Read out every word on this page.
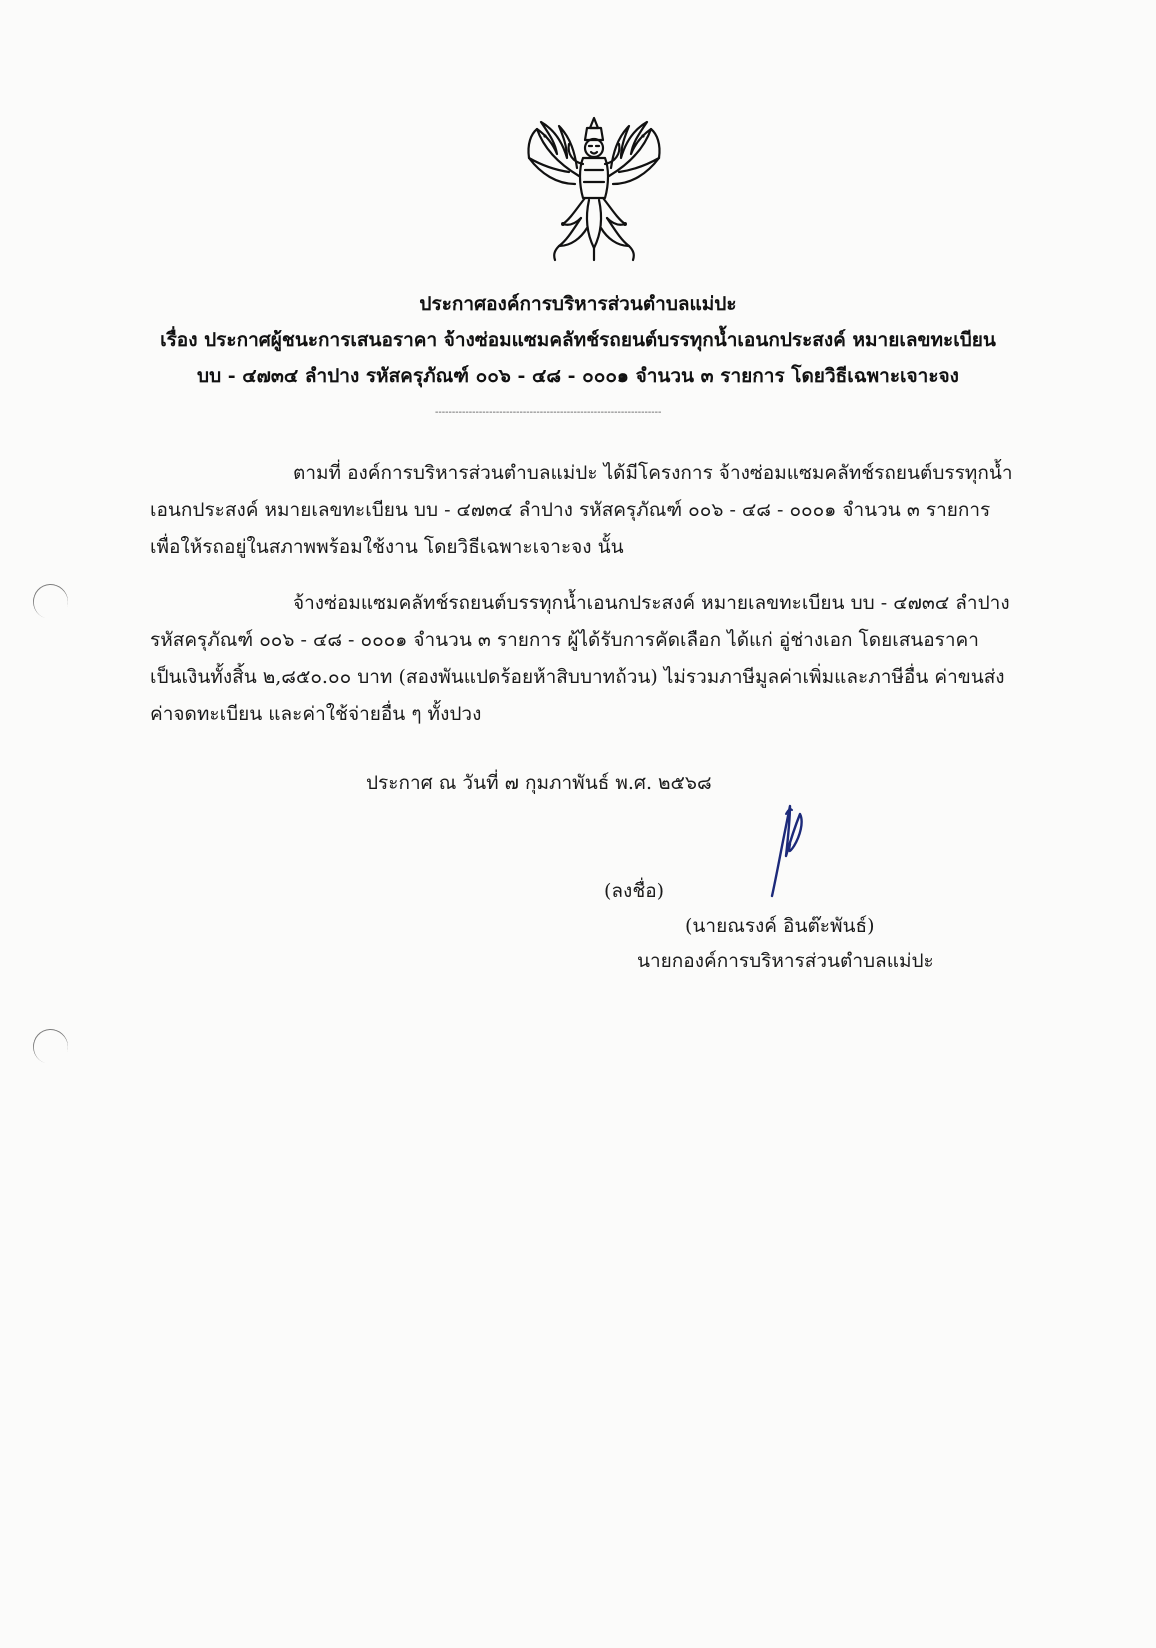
ประกาศองค์การบริหารส่วนตำบลแม่ปะ
เรื่อง ประกาศผู้ชนะการเสนอราคา จ้างซ่อมแซมคลัทช์รถยนต์บรรทุกน้ำเอนกประสงค์ หมายเลขทะเบียน
บบ - ๔๗๓๔ ลำปาง รหัสครุภัณฑ์ ๐๐๖ - ๔๘ - ๐๐๐๑ จำนวน ๓ รายการ โดยวิธีเฉพาะเจาะจง
-------------------------------------------------------------------
ตามที่ องค์การบริหารส่วนตำบลแม่ปะ ได้มีโครงการ จ้างซ่อมแซมคลัทช์รถยนต์บรรทุกน้ำ
เอนกประสงค์ หมายเลขทะเบียน บบ - ๔๗๓๔ ลำปาง รหัสครุภัณฑ์ ๐๐๖ - ๔๘ - ๐๐๐๑ จำนวน ๓ รายการ
เพื่อให้รถอยู่ในสภาพพร้อมใช้งาน โดยวิธีเฉพาะเจาะจง นั้น
จ้างซ่อมแซมคลัทช์รถยนต์บรรทุกน้ำเอนกประสงค์ หมายเลขทะเบียน บบ - ๔๗๓๔ ลำปาง
รหัสครุภัณฑ์ ๐๐๖ - ๔๘ - ๐๐๐๑ จำนวน ๓ รายการ ผู้ได้รับการคัดเลือก ได้แก่ อู่ช่างเอก โดยเสนอราคา
เป็นเงินทั้งสิ้น ๒,๘๕๐.๐๐ บาท (สองพันแปดร้อยห้าสิบบาทถ้วน) ไม่รวมภาษีมูลค่าเพิ่มและภาษีอื่น ค่าขนส่ง
ค่าจดทะเบียน และค่าใช้จ่ายอื่น ๆ ทั้งปวง
ประกาศ ณ วันที่ ๗ กุมภาพันธ์ พ.ศ. ๒๕๖๘
(ลงชื่อ)
(นายณรงค์ อินต๊ะพันธ์)
นายกองค์การบริหารส่วนตำบลแม่ปะ
